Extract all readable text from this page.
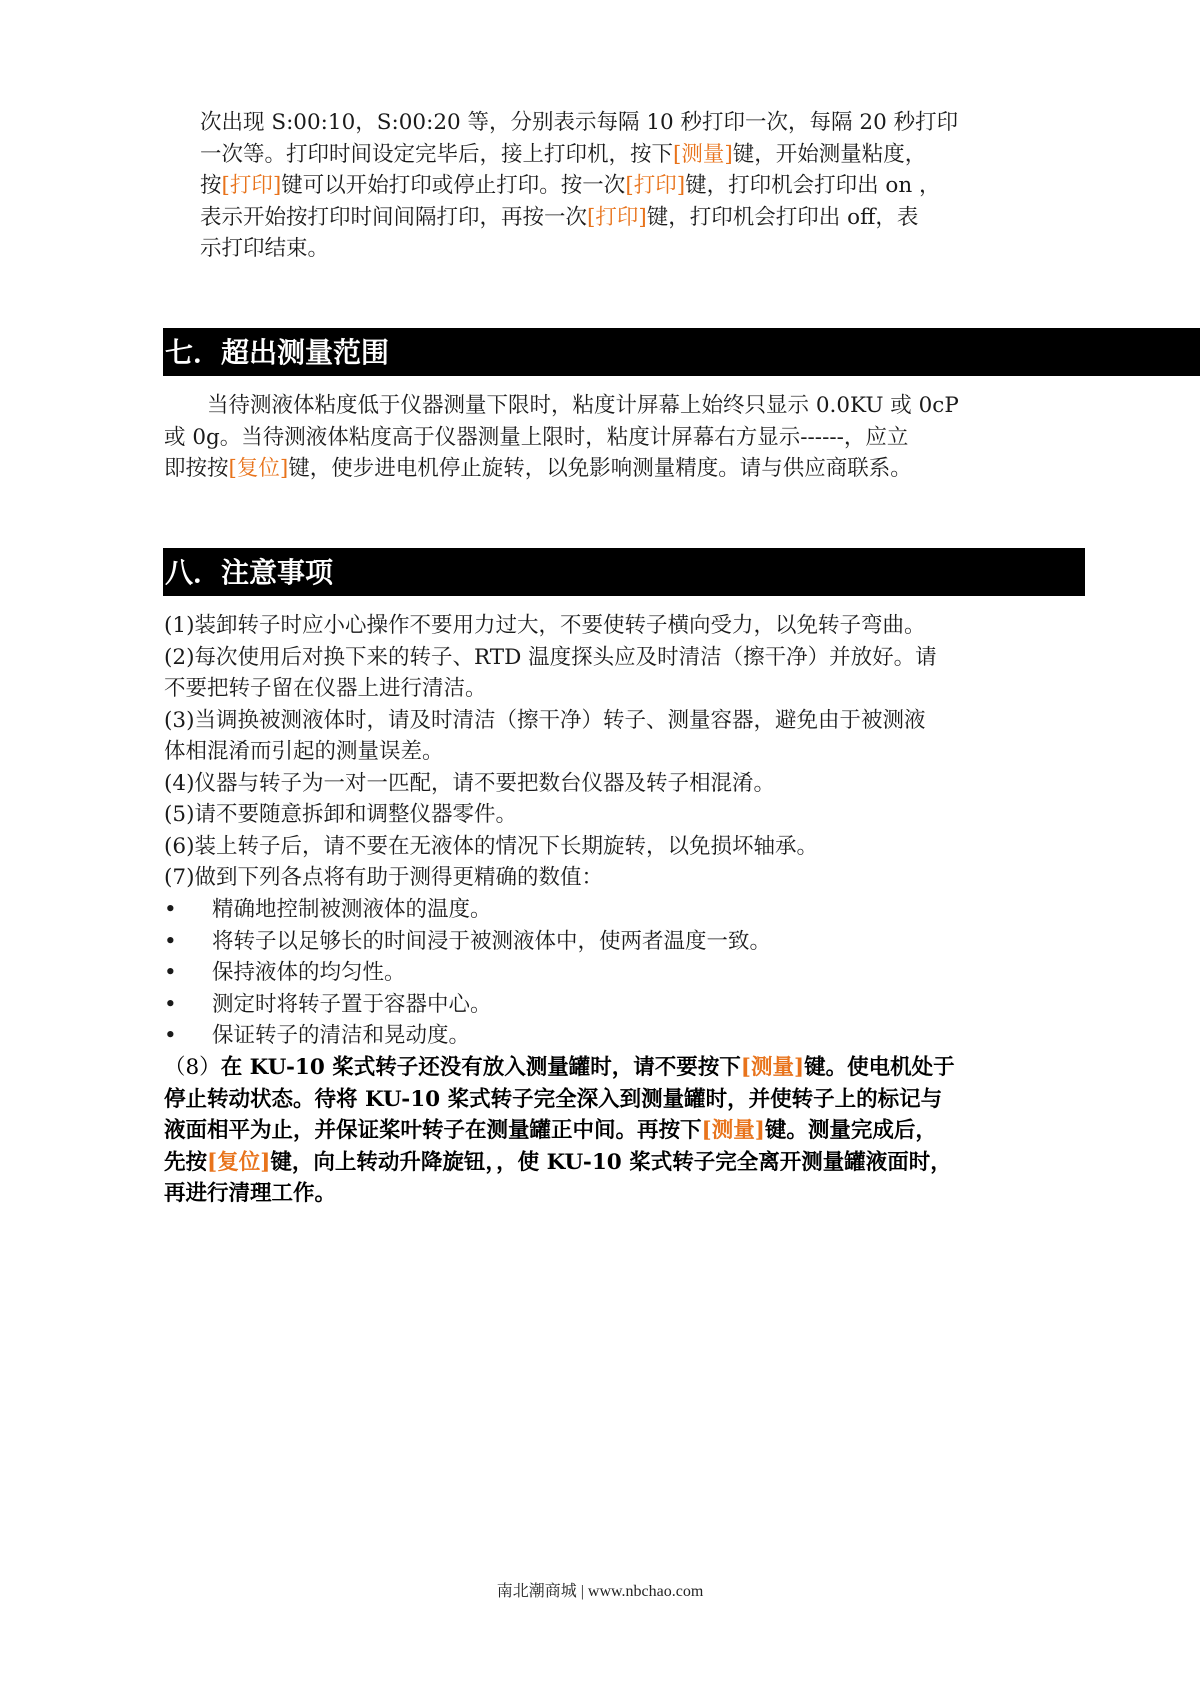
次出现 S:00:10，S:00:20 等，分别表示每隔 10 秒打印一次，每隔 20 秒打印
一次等。打印时间设定完毕后，接上打印机，按下[测量]键，开始测量粘度，
按[打印]键可以开始打印或停止打印。按一次[打印]键，打印机会打印出 on ，
表示开始按打印时间间隔打印，再按一次[打印]键，打印机会打印出 off，表
示打印结束。
七．超出测量范围
　　当待测液体粘度低于仪器测量下限时，粘度计屏幕上始终只显示 0.0KU 或 0cP
或 0g。当待测液体粘度高于仪器测量上限时，粘度计屏幕右方显示------，应立
即按按[复位]键，使步进电机停止旋转，以免影响测量精度。请与供应商联系。
八．注意事项
(1)装卸转子时应小心操作不要用力过大，不要使转子横向受力，以免转子弯曲。
(2)每次使用后对换下来的转子、RTD 温度探头应及时清洁（擦干净）并放好。请
不要把转子留在仪器上进行清洁。
(3)当调换被测液体时，请及时清洁（擦干净）转子、测量容器，避免由于被测液
体相混淆而引起的测量误差。
(4)仪器与转子为一对一匹配，请不要把数台仪器及转子相混淆。
(5)请不要随意拆卸和调整仪器零件。
(6)装上转子后，请不要在无液体的情况下长期旋转，以免损坏轴承。
(7)做到下列各点将有助于测得更精确的数值：
• 精确地控制被测液体的温度。
• 将转子以足够长的时间浸于被测液体中，使两者温度一致。
• 保持液体的均匀性。
• 测定时将转子置于容器中心。
• 保证转子的清洁和晃动度。
（8）在 KU-10 桨式转子还没有放入测量罐时，请不要按下[测量]键。使电机处于
停止转动状态。待将 KU-10 桨式转子完全深入到测量罐时，并使转子上的标记与
液面相平为止，并保证桨叶转子在测量罐正中间。再按下[测量]键。测量完成后，
先按[复位]键，向上转动升降旋钮，，使 KU-10 桨式转子完全离开测量罐液面时，
再进行清理工作。
南北潮商城 | www.nbchao.com
